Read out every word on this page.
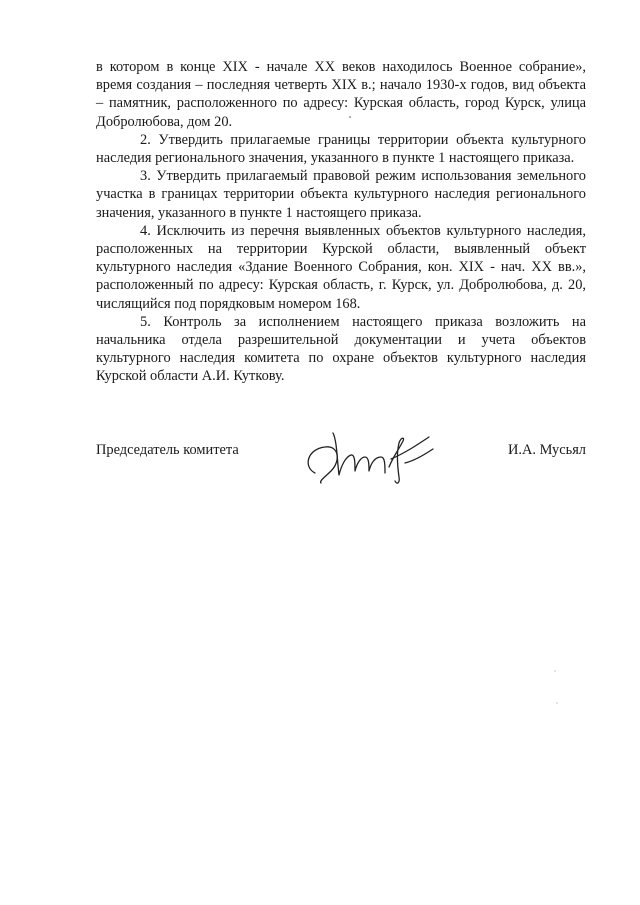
в котором в конце XIX - начале XX веков находилось Военное собрание», время создания – последняя четверть XIX в.; начало 1930-х годов, вид объекта – памятник, расположенного по адресу: Курская область, город Курск, улица Добролюбова, дом 20.

2. Утвердить прилагаемые границы территории объекта культурного наследия регионального значения, указанного в пункте 1 настоящего приказа.

3. Утвердить прилагаемый правовой режим использования земельного участка в границах территории объекта культурного наследия регионального значения, указанного в пункте 1 настоящего приказа.

4. Исключить из перечня выявленных объектов культурного наследия, расположенных на территории Курской области, выявленный объект культурного наследия «Здание Военного Собрания, кон. XIX - нач. XX вв.», расположенный по адресу: Курская область, г. Курск, ул. Добролюбова, д. 20, числящийся под порядковым номером 168.

5. Контроль за исполнением настоящего приказа возложить на начальника отдела разрешительной документации и учета объектов культурного наследия комитета по охране объектов культурного наследия Курской области А.И. Куткову.

Председатель комитета	И.А. Мусьял
